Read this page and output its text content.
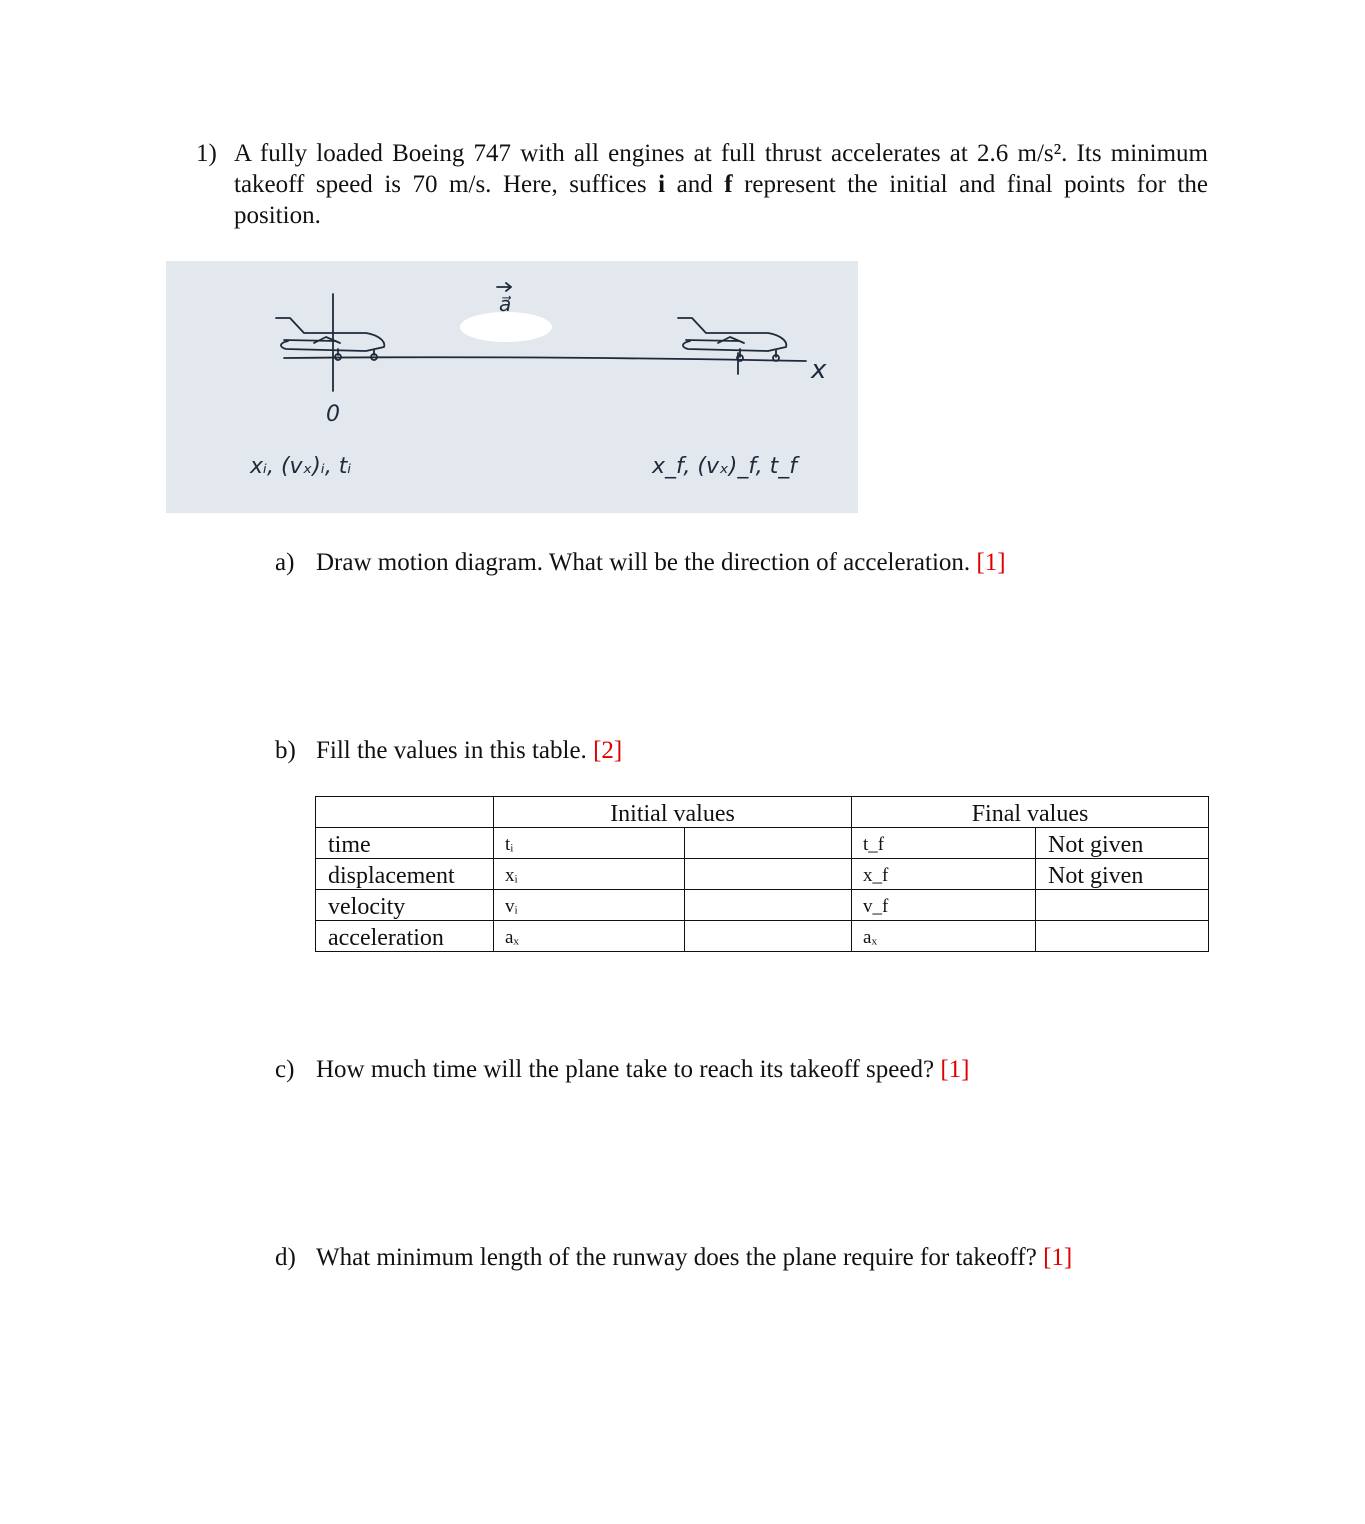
1) A fully loaded Boeing 747 with all engines at full thrust accelerates at 2.6 m/s². Its minimum takeoff speed is 70 m/s. Here, suffices i and f represent the initial and final points for the position.
a⃗
x
0
xᵢ, (vₓ)ᵢ, tᵢ	x_f, (vₓ)_f, t_f
a) Draw motion diagram. What will be the direction of acceleration. [1]
b) Fill the values in this table. [2]
	Initial values		Final values	
time	tᵢ		t_f	Not given
displacement	xᵢ		x_f	Not given
velocity	vᵢ		v_f	
acceleration	aₓ		aₓ	
c) How much time will the plane take to reach its takeoff speed? [1]
d) What minimum length of the runway does the plane require for takeoff? [1]
